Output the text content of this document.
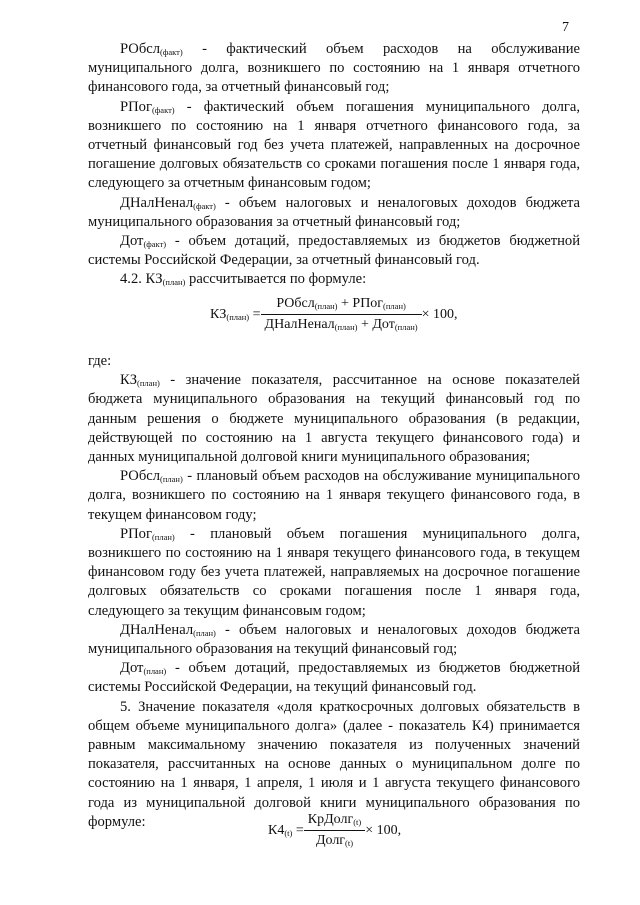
7

РОбсл$_{(факт)}$ - фактический объем расходов на обслуживание муниципального долга, возникшего по состоянию на 1 января отчетного финансового года, за отчетный финансовый год;

РПог$_{(факт)}$ - фактический объем погашения муниципального долга, возникшего по состоянию на 1 января отчетного финансового года, за отчетный финансовый год без учета платежей, направленных на досрочное погашение долговых обязательств со сроками погашения после 1 января года, следующего за отчетным финансовым годом;

ДНалНенал$_{(факт)}$ - объем налоговых и неналоговых доходов бюджета муниципального образования за отчетный финансовый год;

Дот$_{(факт)}$ - объем дотаций, предоставляемых из бюджетов бюджетной системы Российской Федерации, за отчетный финансовый год.

4.2. $КЗ_{(план)}$ рассчитывается по формуле:

$КЗ_{(план)} = \frac{РОбсл_{(план)} + РПог_{(план)}}{ДНалНенал_{(план)} + Дот_{(план)}} \times 100$,

где:

$КЗ_{(план)}$ - значение показателя, рассчитанное на основе показателей бюджета муниципального образования на текущий финансовый год по данным решения о бюджете муниципального образования (в редакции, действующей по состоянию на 1 августа текущего финансового года) и данных муниципальной долговой книги муниципального образования;

РОбсл$_{(план)}$ - плановый объем расходов на обслуживание муниципального долга, возникшего по состоянию на 1 января текущего финансового года, в текущем финансовом году;

РПог$_{(план)}$ - плановый объем погашения муниципального долга, возникшего по состоянию на 1 января текущего финансового года, в текущем финансовом году без учета платежей, направляемых на досрочное погашение долговых обязательств со сроками погашения после 1 января года, следующего за текущим финансовым годом;

ДНалНенал$_{(план)}$ - объем налоговых и неналоговых доходов бюджета муниципального образования на текущий финансовый год;

Дот$_{(план)}$ - объем дотаций, предоставляемых из бюджетов бюджетной системы Российской Федерации, на текущий финансовый год.

5. Значение показателя «доля краткосрочных долговых обязательств в общем объеме муниципального долга» (далее - показатель К4) принимается равным максимальному значению показателя из полученных значений показателя, рассчитанных на основе данных о муниципальном долге по состоянию на 1 января, 1 апреля, 1 июля и 1 августа текущего финансового года из муниципальной долговой книги муниципального образования по формуле:

$К4_{(t)} = \frac{КрДолг_{(t)}}{Долг_{(t)}} \times 100$,
